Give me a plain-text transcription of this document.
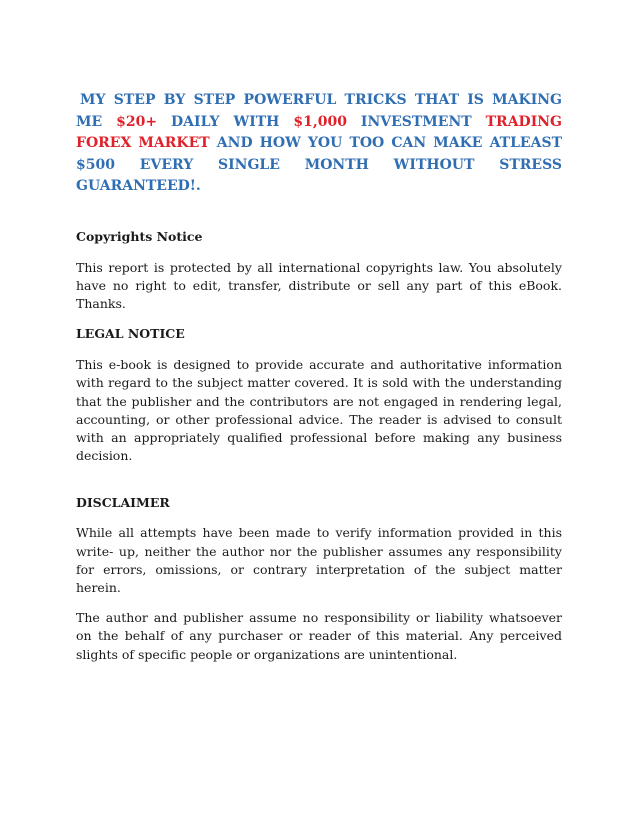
MY STEP BY STEP POWERFUL TRICKS THAT IS MAKING ME $20+ DAILY WITH $1,000 INVESTMENT TRADING FOREX MARKET AND HOW YOU TOO CAN MAKE ATLEAST $500 EVERY SINGLE MONTH WITHOUT STRESS GUARANTEED!.

Copyrights Notice

This report is protected by all international copyrights law. You absolutely have no right to edit, transfer, distribute or sell any part of this eBook. Thanks.

LEGAL NOTICE

This e-book is designed to provide accurate and authoritative information with regard to the subject matter covered. It is sold with the understanding that the publisher and the contributors are not engaged in rendering legal, accounting, or other professional advice. The reader is advised to consult with an appropriately qualified professional before making any business decision.

DISCLAIMER

While all attempts have been made to verify information provided in this write- up, neither the author nor the publisher assumes any responsibility for errors, omissions, or contrary interpretation of the subject matter herein.

The author and publisher assume no responsibility or liability whatsoever on the behalf of any purchaser or reader of this material. Any perceived slights of specific people or organizations are unintentional.
